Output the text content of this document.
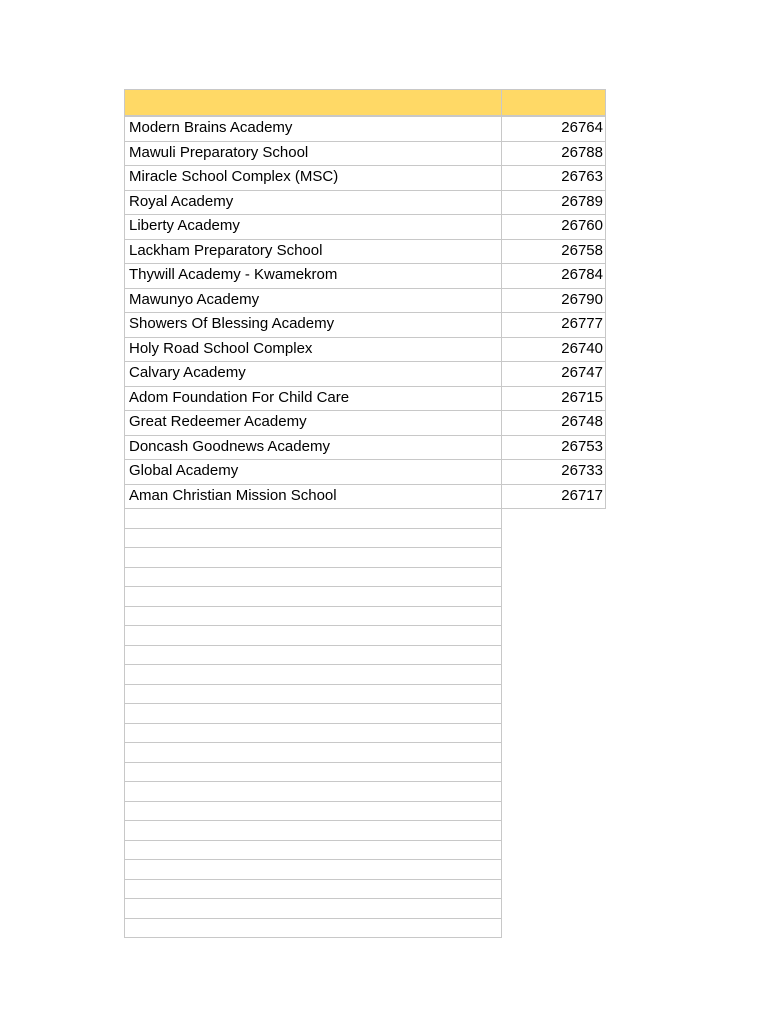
Modern Brains Academy	26764
Mawuli Preparatory School	26788
Miracle School Complex (MSC)	26763
Royal Academy	26789
Liberty Academy	26760
Lackham Preparatory School	26758
Thywill Academy - Kwamekrom	26784
Mawunyo Academy	26790
Showers Of Blessing Academy	26777
Holy Road School Complex	26740
Calvary Academy	26747
Adom Foundation For Child Care	26715
Great Redeemer Academy	26748
Doncash Goodnews Academy	26753
Global Academy	26733
Aman Christian Mission School	26717
